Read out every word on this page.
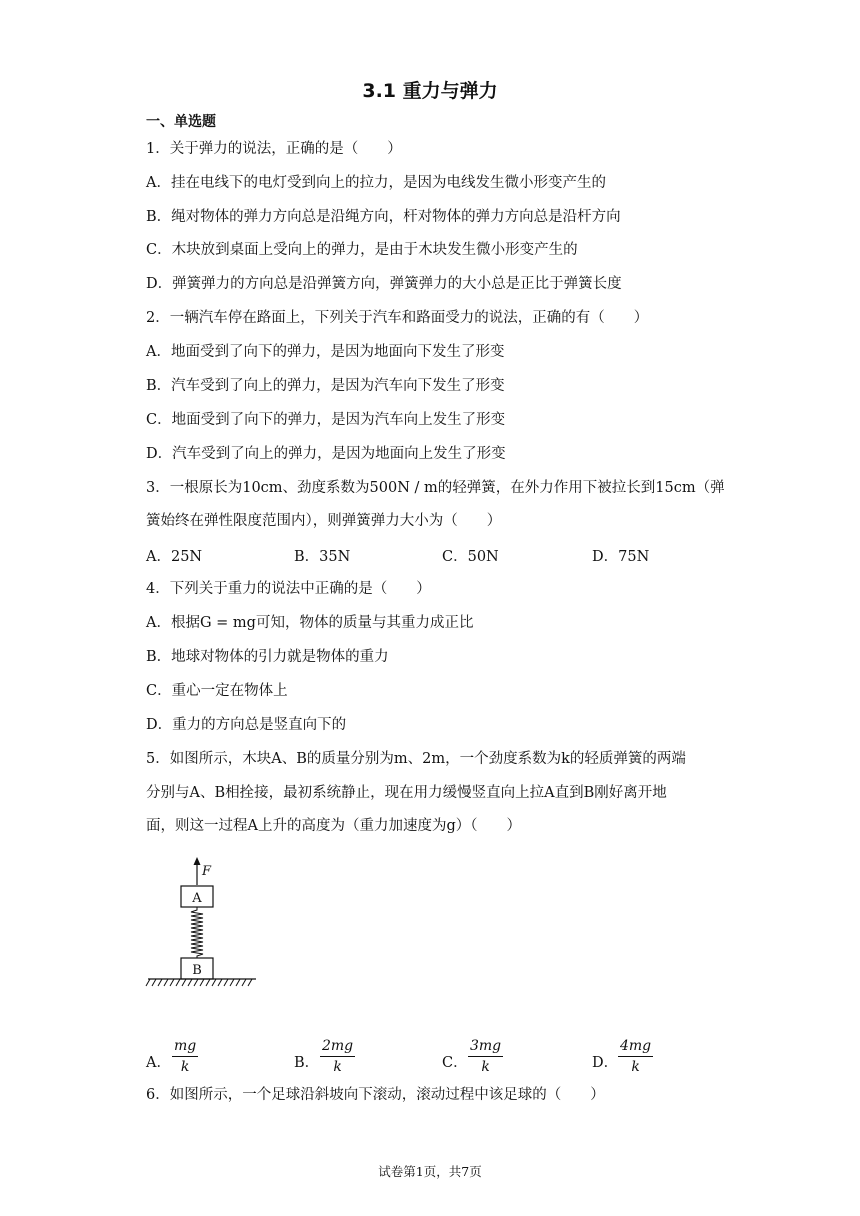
3.1 重力与弹力
一、单选题
1．关于弹力的说法，正确的是（　　）
A．挂在电线下的电灯受到向上的拉力，是因为电线发生微小形变产生的
B．绳对物体的弹力方向总是沿绳方向，杆对物体的弹力方向总是沿杆方向
C．木块放到桌面上受向上的弹力，是由于木块发生微小形变产生的
D．弹簧弹力的方向总是沿弹簧方向，弹簧弹力的大小总是正比于弹簧长度
2．一辆汽车停在路面上，下列关于汽车和路面受力的说法，正确的有（　　）
A．地面受到了向下的弹力，是因为地面向下发生了形变
B．汽车受到了向上的弹力，是因为汽车向下发生了形变
C．地面受到了向下的弹力，是因为汽车向上发生了形变
D．汽车受到了向上的弹力，是因为地面向上发生了形变
3．一根原长为10cm、劲度系数为500N / m的轻弹簧，在外力作用下被拉长到15cm（弹
簧始终在弹性限度范围内），则弹簧弹力大小为（　　）
A．25N	B．35N	C．50N	D．75N
4．下列关于重力的说法中正确的是（　　）
A．根据G = mg可知，物体的质量与其重力成正比
B．地球对物体的引力就是物体的重力
C．重心一定在物体上
D．重力的方向总是竖直向下的
5．如图所示，木块A、B的质量分别为m、2m，一个劲度系数为k的轻质弹簧的两端
分别与A、B相拴接，最初系统静止，现在用力缓慢竖直向上拉A直到B刚好离开地
面，则这一过程A上升的高度为（重力加速度为g）（　　）
F
A
B
A． $\frac{mg}{k}$	B． $\frac{2mg}{k}$	C． $\frac{3mg}{k}$	D． $\frac{4mg}{k}$
6．如图所示，一个足球沿斜坡向下滚动，滚动过程中该足球的（　　）
试卷第1页，共7页
